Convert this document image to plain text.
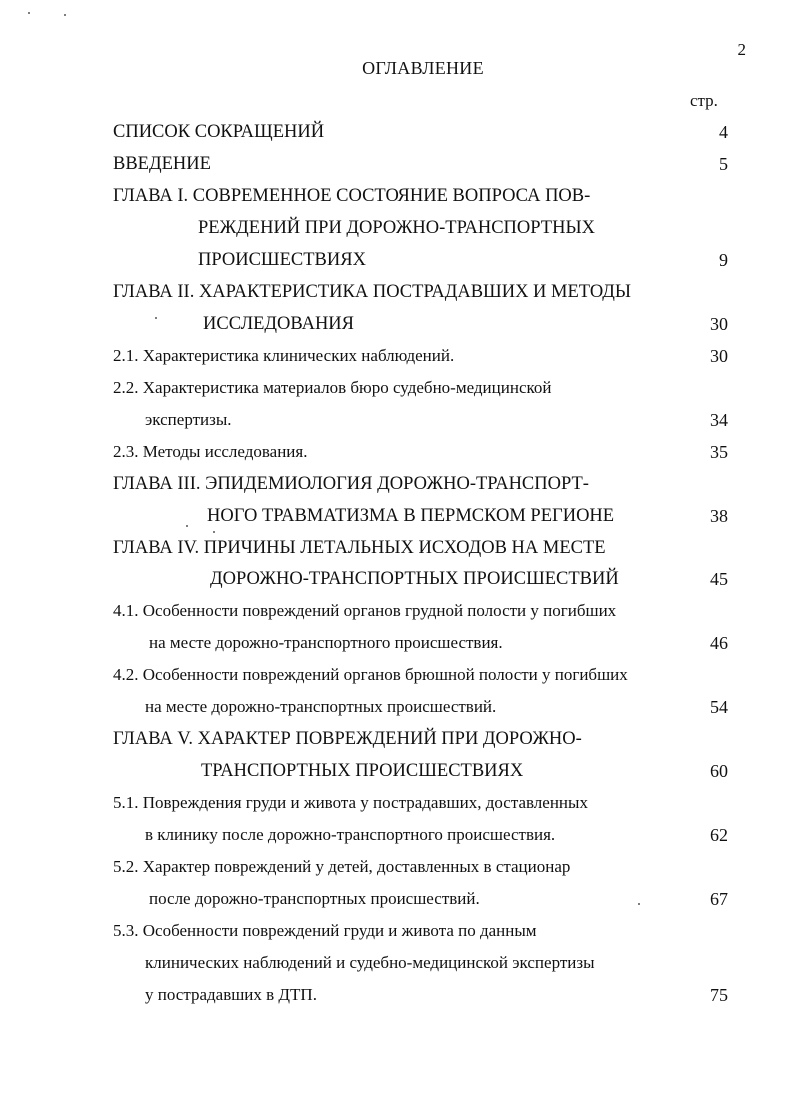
2
ОГЛАВЛЕНИЕ
стр.
СПИСОК СОКРАЩЕНИЙ	4
ВВЕДЕНИЕ	5
ГЛАВА I. СОВРЕМЕННОЕ СОСТОЯНИЕ ВОПРОСА ПОВ-
РЕЖДЕНИЙ ПРИ ДОРОЖНО-ТРАНСПОРТНЫХ
ПРОИСШЕСТВИЯХ	9
ГЛАВА II. ХАРАКТЕРИСТИКА ПОСТРАДАВШИХ И МЕТОДЫ
ИССЛЕДОВАНИЯ	30
2.1. Характеристика клинических наблюдений.	30
2.2. Характеристика материалов бюро судебно-медицинской
экспертизы.	34
2.3. Методы исследования.	35
ГЛАВА III. ЭПИДЕМИОЛОГИЯ ДОРОЖНО-ТРАНСПОРТ-
НОГО ТРАВМАТИЗМА В ПЕРМСКОМ РЕГИОНЕ	38
ГЛАВА IV. ПРИЧИНЫ ЛЕТАЛЬНЫХ ИСХОДОВ НА МЕСТЕ
ДОРОЖНО-ТРАНСПОРТНЫХ ПРОИСШЕСТВИЙ	45
4.1. Особенности повреждений органов грудной полости у погибших
на месте дорожно-транспортного происшествия.	46
4.2. Особенности повреждений органов брюшной полости у погибших
на месте дорожно-транспортных происшествий.	54
ГЛАВА V. ХАРАКТЕР ПОВРЕЖДЕНИЙ ПРИ ДОРОЖНО-
ТРАНСПОРТНЫХ ПРОИСШЕСТВИЯХ	60
5.1. Повреждения груди и живота у пострадавших, доставленных
в клинику после дорожно-транспортного происшествия.	62
5.2. Характер повреждений у детей, доставленных в стационар
после дорожно-транспортных происшествий.	67
5.3. Особенности повреждений груди и живота по данным
клинических наблюдений и судебно-медицинской экспертизы
у пострадавших в ДТП.	75
